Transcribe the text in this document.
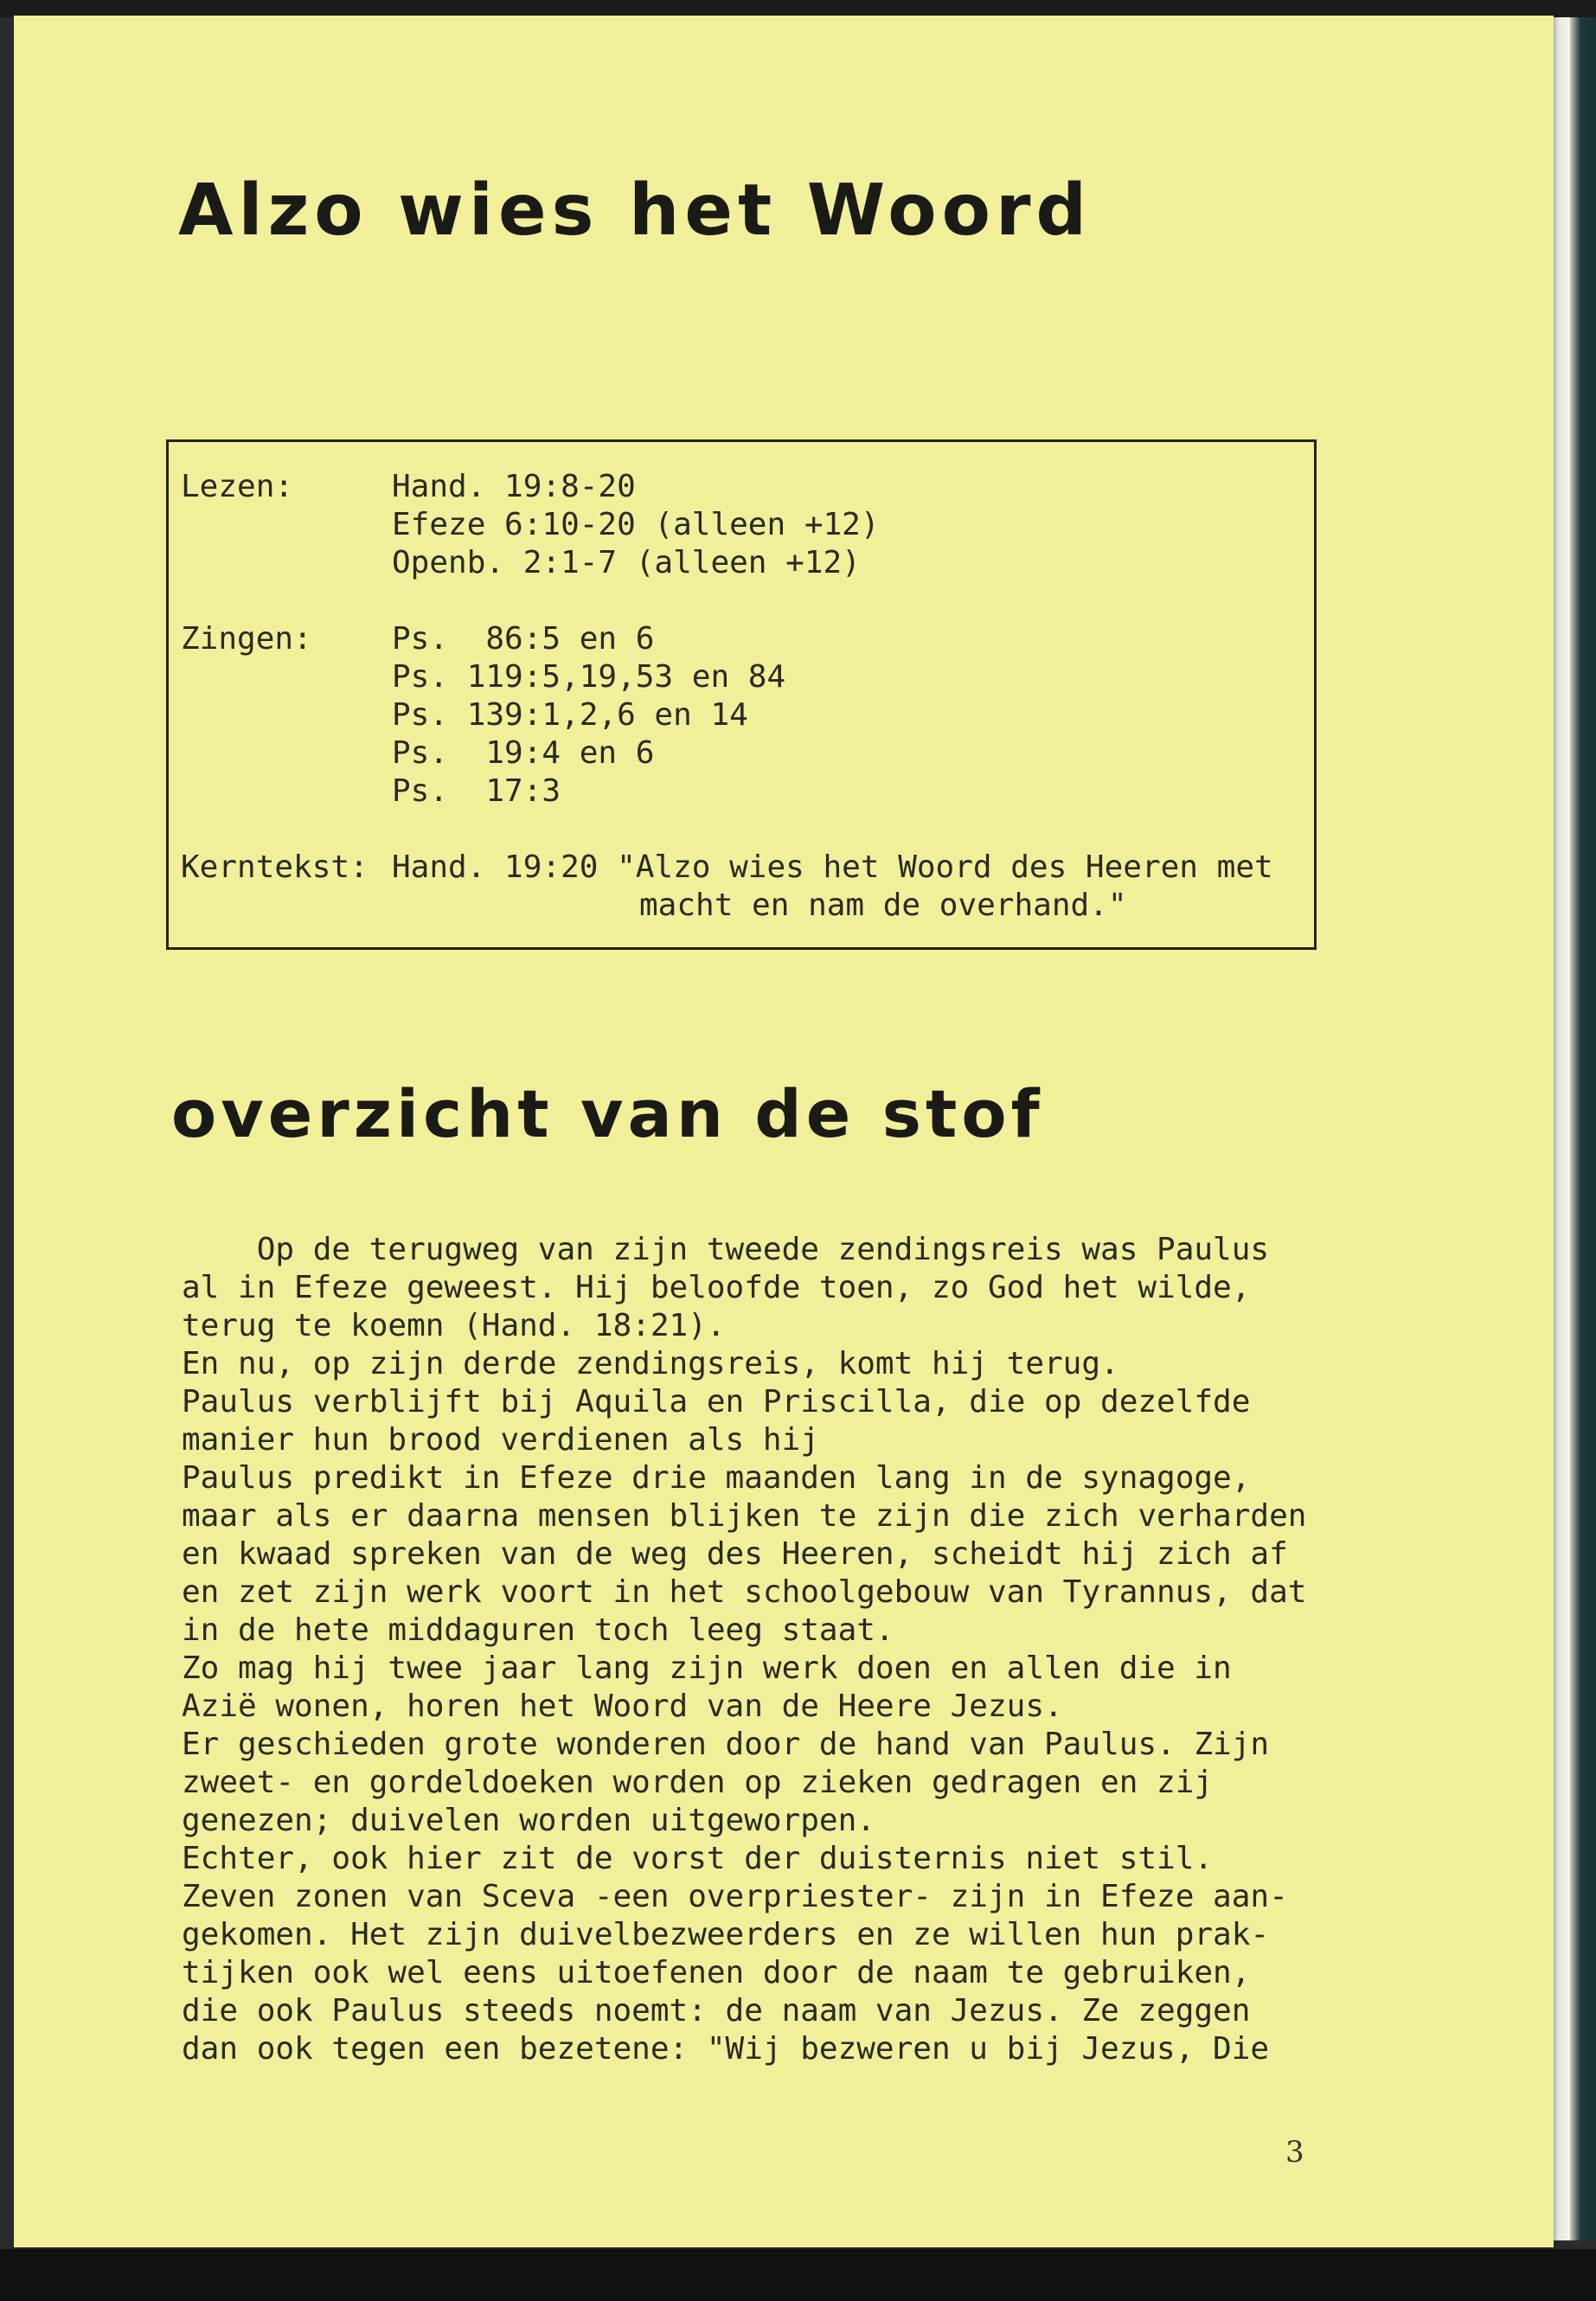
Alzo wies het Woord
Lezen:	Hand. 19:8-20
Efeze 6:10-20 (alleen +12)
Openb. 2:1-7 (alleen +12)
Zingen:	Ps.  86:5 en 6
Ps. 119:5,19,53 en 84
Ps. 139:1,2,6 en 14
Ps.  19:4 en 6
Ps.  17:3
Kerntekst: Hand. 19:20 "Alzo wies het Woord des Heeren met
macht en nam de overhand."
overzicht van de stof
Op de terugweg van zijn tweede zendingsreis was Paulus
al in Efeze geweest. Hij beloofde toen, zo God het wilde,
terug te koemn (Hand. 18:21).
En nu, op zijn derde zendingsreis, komt hij terug.
Paulus verblijft bij Aquila en Priscilla, die op dezelfde
manier hun brood verdienen als hij
Paulus predikt in Efeze drie maanden lang in de synagoge,
maar als er daarna mensen blijken te zijn die zich verharden
en kwaad spreken van de weg des Heeren, scheidt hij zich af
en zet zijn werk voort in het schoolgebouw van Tyrannus, dat
in de hete middaguren toch leeg staat.
Zo mag hij twee jaar lang zijn werk doen en allen die in
Azië wonen, horen het Woord van de Heere Jezus.
Er geschieden grote wonderen door de hand van Paulus. Zijn
zweet- en gordeldoeken worden op zieken gedragen en zij
genezen; duivelen worden uitgeworpen.
Echter, ook hier zit de vorst der duisternis niet stil.
Zeven zonen van Sceva -een overpriester- zijn in Efeze aan-
gekomen. Het zijn duivelbezweerders en ze willen hun prak-
tijken ook wel eens uitoefenen door de naam te gebruiken,
die ook Paulus steeds noemt: de naam van Jezus. Ze zeggen
dan ook tegen een bezetene: "Wij bezweren u bij Jezus, Die
3
